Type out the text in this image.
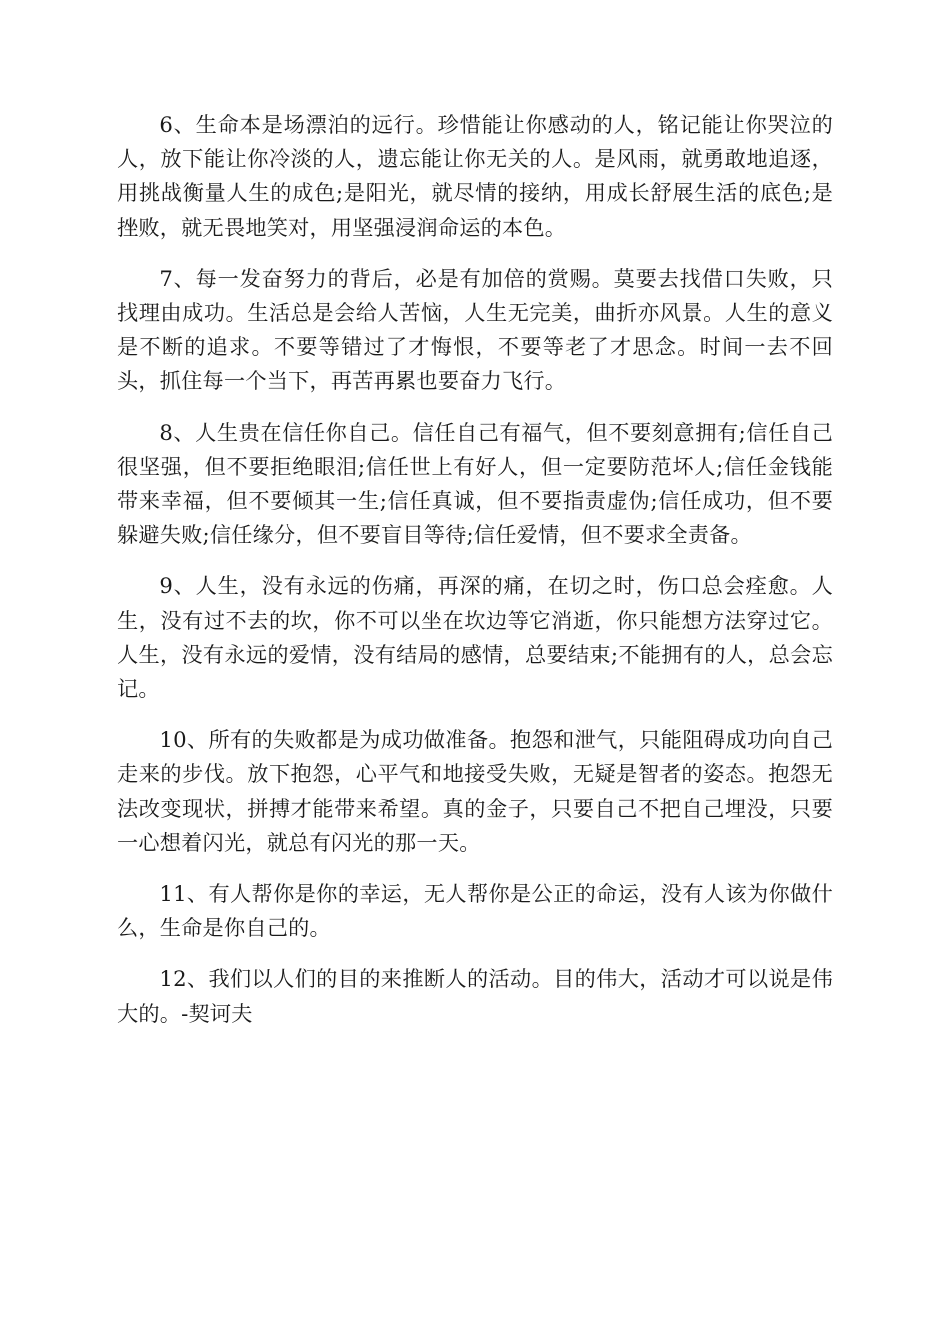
6、生命本是场漂泊的远行。珍惜能让你感动的人，铭记能让你哭泣的人，放下能让你冷淡的人，遗忘能让你无关的人。是风雨，就勇敢地追逐，用挑战衡量人生的成色;是阳光，就尽情的接纳，用成长舒展生活的底色;是挫败，就无畏地笑对，用坚强浸润命运的本色。

7、每一发奋努力的背后，必是有加倍的赏赐。莫要去找借口失败，只找理由成功。生活总是会给人苦恼，人生无完美，曲折亦风景。人生的意义是不断的追求。不要等错过了才悔恨，不要等老了才思念。时间一去不回头，抓住每一个当下，再苦再累也要奋力飞行。

8、人生贵在信任你自己。信任自己有福气，但不要刻意拥有;信任自己很坚强，但不要拒绝眼泪;信任世上有好人，但一定要防范坏人;信任金钱能带来幸福，但不要倾其一生;信任真诚，但不要指责虚伪;信任成功，但不要躲避失败;信任缘分，但不要盲目等待;信任爱情，但不要求全责备。

9、人生，没有永远的伤痛，再深的痛，在切之时，伤口总会痊愈。人生，没有过不去的坎，你不可以坐在坎边等它消逝，你只能想方法穿过它。人生，没有永远的爱情，没有结局的感情，总要结束;不能拥有的人，总会忘记。

10、所有的失败都是为成功做准备。抱怨和泄气，只能阻碍成功向自己走来的步伐。放下抱怨，心平气和地接受失败，无疑是智者的姿态。抱怨无法改变现状，拼搏才能带来希望。真的金子，只要自己不把自己埋没，只要一心想着闪光，就总有闪光的那一天。

11、有人帮你是你的幸运，无人帮你是公正的命运，没有人该为你做什么，生命是你自己的。

12、我们以人们的目的来推断人的活动。目的伟大，活动才可以说是伟大的。-契诃夫
